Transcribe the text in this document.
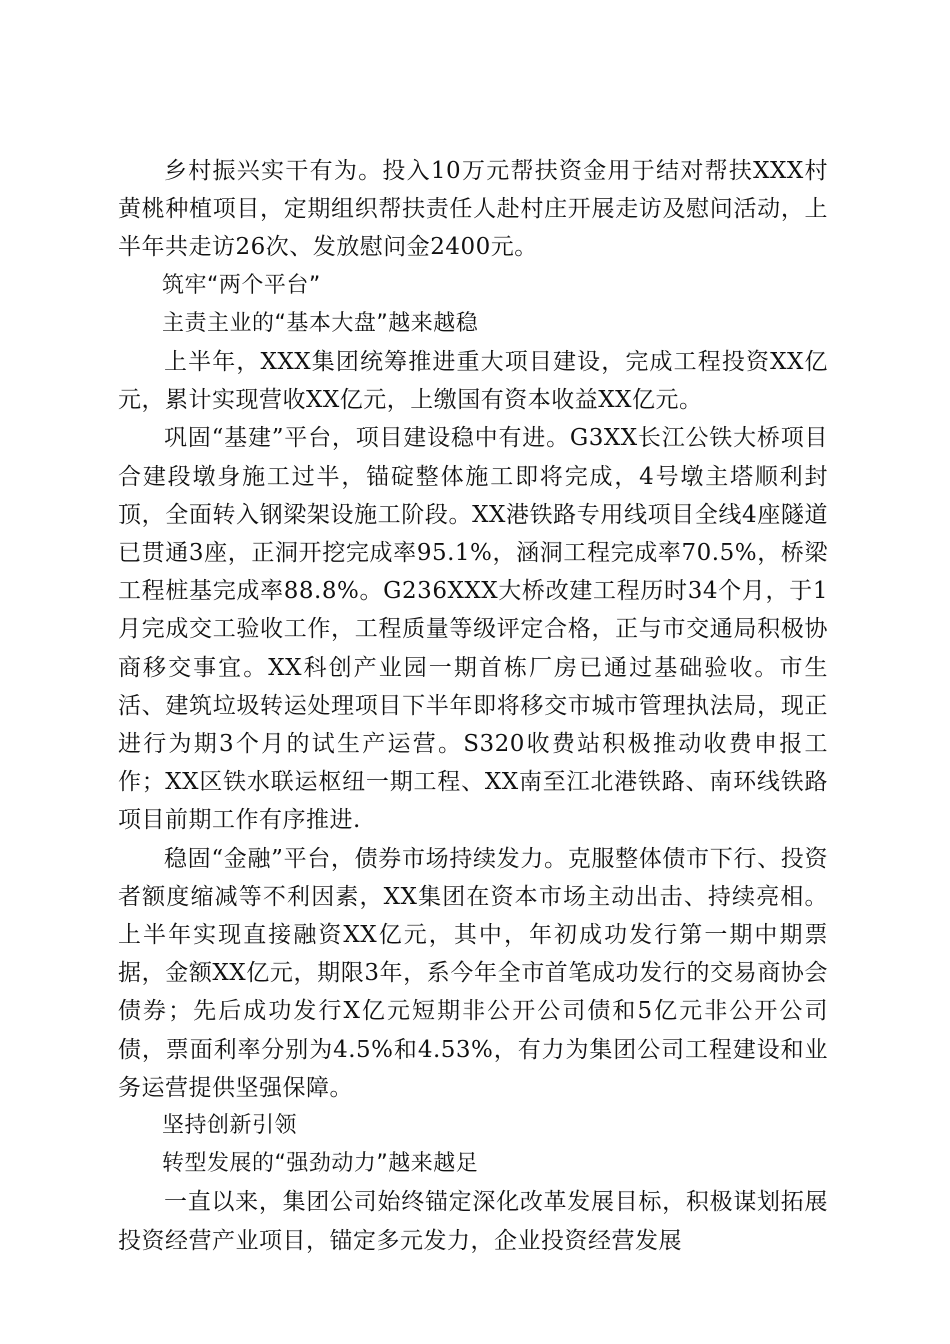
乡村振兴实干有为。投入10万元帮扶资金用于结对帮扶XXX村黄桃种植项目，定期组织帮扶责任人赴村庄开展走访及慰问活动，上半年共走访26次、发放慰问金2400元。

筑牢“两个平台”
主责主业的“基本大盘”越来越稳

上半年，XXX集团统筹推进重大项目建设，完成工程投资XX亿元，累计实现营收XX亿元，上缴国有资本收益XX亿元。

巩固“基建”平台，项目建设稳中有进。G3XX长江公铁大桥项目合建段墩身施工过半，锚碇整体施工即将完成，4号墩主塔顺利封顶，全面转入钢梁架设施工阶段。XX港铁路专用线项目全线4座隧道已贯通3座，正洞开挖完成率95.1%，涵洞工程完成率70.5%，桥梁工程桩基完成率88.8%。G236XXX大桥改建工程历时34个月，于1月完成交工验收工作，工程质量等级评定合格，正与市交通局积极协商移交事宜。XX科创产业园一期首栋厂房已通过基础验收。市生活、建筑垃圾转运处理项目下半年即将移交市城市管理执法局，现正进行为期3个月的试生产运营。S320收费站积极推动收费申报工作；XX区铁水联运枢纽一期工程、XX南至江北港铁路、南环线铁路项目前期工作有序推进.

稳固“金融”平台，债券市场持续发力。克服整体债市下行、投资者额度缩减等不利因素，XX集团在资本市场主动出击、持续亮相。上半年实现直接融资XX亿元，其中，年初成功发行第一期中期票据，金额XX亿元，期限3年，系今年全市首笔成功发行的交易商协会债券；先后成功发行X亿元短期非公开公司债和5亿元非公开公司债，票面利率分别为4.5%和4.53%，有力为集团公司工程建设和业务运营提供坚强保障。

坚持创新引领
转型发展的“强劲动力”越来越足

一直以来，集团公司始终锚定深化改革发展目标，积极谋划拓展投资经营产业项目，锚定多元发力，企业投资经营发展
